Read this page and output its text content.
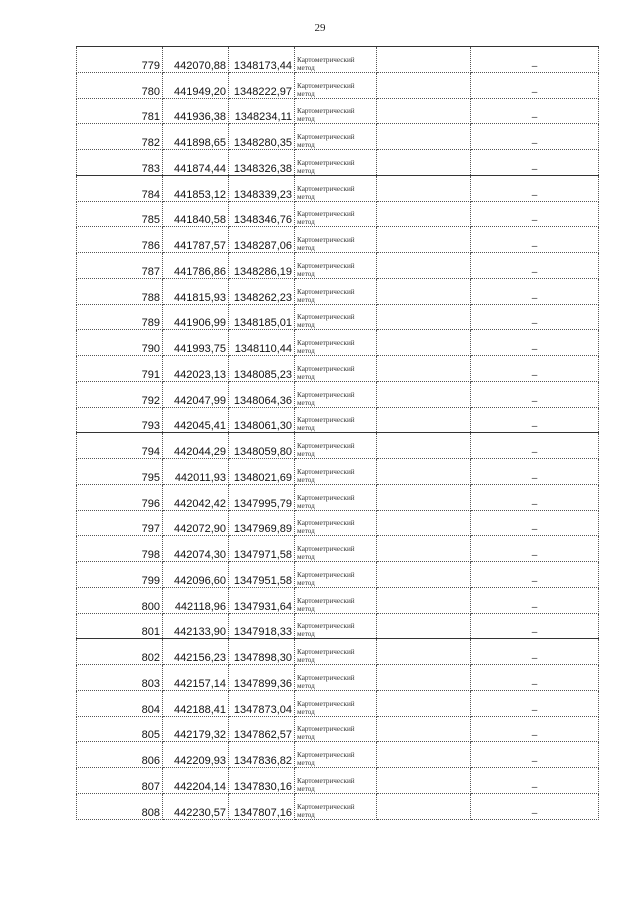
29
779	442070,88	1348173,44	Картометрический метод		–
780	441949,20	1348222,97	Картометрический метод		–
781	441936,38	1348234,11	Картометрический метод		–
782	441898,65	1348280,35	Картометрический метод		–
783	441874,44	1348326,38	Картометрический метод		–
784	441853,12	1348339,23	Картометрический метод		–
785	441840,58	1348346,76	Картометрический метод		–
786	441787,57	1348287,06	Картометрический метод		–
787	441786,86	1348286,19	Картометрический метод		–
788	441815,93	1348262,23	Картометрический метод		–
789	441906,99	1348185,01	Картометрический метод		–
790	441993,75	1348110,44	Картометрический метод		–
791	442023,13	1348085,23	Картометрический метод		–
792	442047,99	1348064,36	Картометрический метод		–
793	442045,41	1348061,30	Картометрический метод		–
794	442044,29	1348059,80	Картометрический метод		–
795	442011,93	1348021,69	Картометрический метод		–
796	442042,42	1347995,79	Картометрический метод		–
797	442072,90	1347969,89	Картометрический метод		–
798	442074,30	1347971,58	Картометрический метод		–
799	442096,60	1347951,58	Картометрический метод		–
800	442118,96	1347931,64	Картометрический метод		–
801	442133,90	1347918,33	Картометрический метод		–
802	442156,23	1347898,30	Картометрический метод		–
803	442157,14	1347899,36	Картометрический метод		–
804	442188,41	1347873,04	Картометрический метод		–
805	442179,32	1347862,57	Картометрический метод		–
806	442209,93	1347836,82	Картометрический метод		–
807	442204,14	1347830,16	Картометрический метод		–
808	442230,57	1347807,16	Картометрический метод		–
